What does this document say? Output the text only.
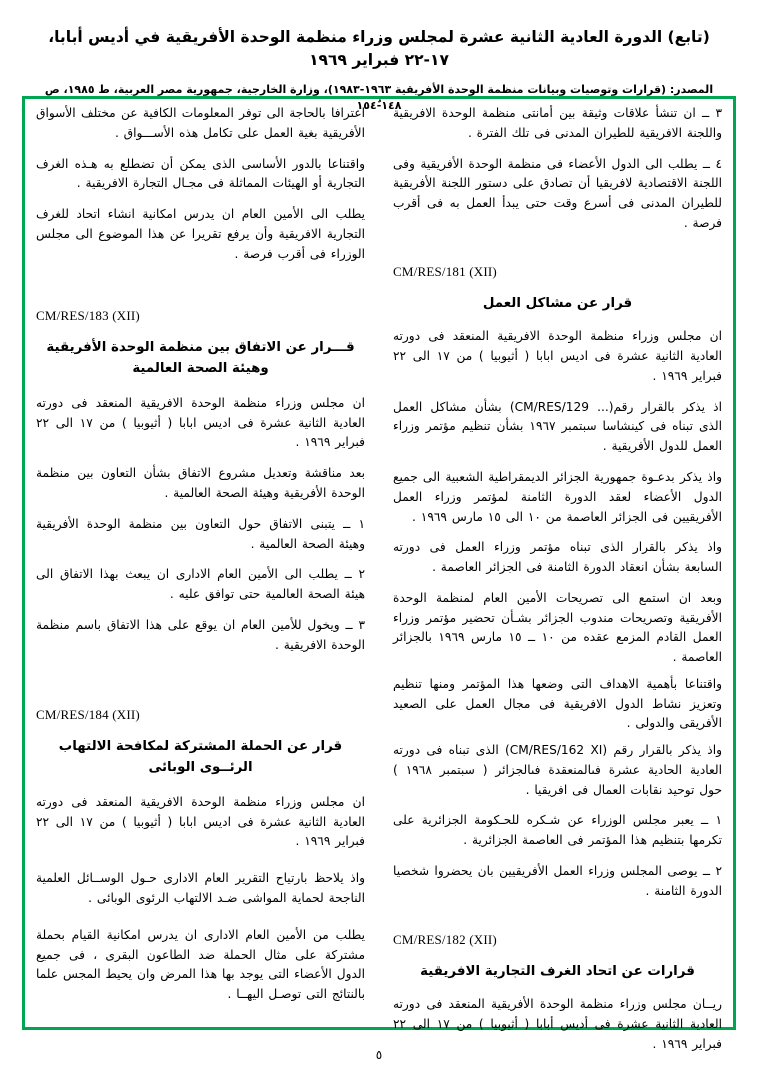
(تابع) الدورة العادية الثانية عشرة لمجلس وزراء منظمة الوحدة الأفريقية في أديس أبابا، ١٧-٢٢ فبراير ١٩٦٩
المصدر: (قرارات وتوصيات وبيانات منظمة الوحدة الأفريقية ١٩٦٣-١٩٨٣)، وزارة الخارجية، جمهورية مصر العربية، ط ١٩٨٥، ص ١٤٨-١٥٤ٌ
٣ ــ ان تنشأ علاقات وثيقة بين أمانتى منظمة الوحدة الافريقية واللجنة الافريقية للطيران المدنى فى تلك الفترة .
٤ ــ يطلب الى الدول الأعضاء فى منظمة الوحدة الأفريقية وفى اللجنة الاقتصادية لافريقيا أن تصادق على دستور اللجنة الأفريقية للطيران المدنى فى أسرع وقت حتى يبدأ العمل به فى أقرب فرصة .
CM/RES/181 (XII)
قرار عن مشاكل العمل
ان مجلس وزراء منظمة الوحدة الافريقية المنعقد فى دورته العادية الثانية عشرة فى اديس ابابا ( أثيوبيا ) من ١٧ الى ٢٢ فبراير ١٩٦٩ .
اذ يذكر بالقرار رقم(... CM/RES/129) بشأن مشاكل العمل الذى تبناه فى كينشاسا سبتمبر ١٩٦٧ بشأن تنظيم مؤتمر وزراء العمل للدول الأفريقية .
واذ يذكر بدعـوة جمهورية الجزائر الديمقراطية الشعبية الى جميع الدول الأعضاء لعقد الدورة الثامنة لمؤتمر وزراء العمل الأفريقيين فى الجزائر العاصمة من ١٠ الى ١٥ مارس ١٩٦٩ .
واذ يذكر بالقرار الذى تبناه مؤتمر وزراء العمل فى دورته السابعة بشأن انعقاد الدورة الثامنة فى الجزائر العاصمة .
وبعد ان استمع الى تصريحات الأمين العام لمنظمة الوحدة الأفريقية وتصريحات مندوب الجزائر بشـأن تحضير مؤتمر وزراء العمل القادم المزمع عقده من ١٠ ــ ١٥ مارس ١٩٦٩ بالجزائر العاصمة .
واقتناعا بأهمية الاهداف التى وضعها هذا المؤتمر ومنها تنظيم وتعزيز نشاط الدول الافريقية فى مجال العمل على الصعيد الأفريقى والدولى .
واذ يذكر بالقرار رقم (CM/RES/162 XI) الذى تبناه فى دورته العادية الحادية عشرة فىالمنعقدة فىالجزائر ( سبتمبر ١٩٦٨ ) حول توحيد نقابات العمال فى افريقيا .
١ ــ يعبر مجلس الوزراء عن شـكره للحـكومة الجزائرية على تكرمها بتنظيم هذا المؤتمر فى العاصمة الجزائرية .
٢ ــ يوصى المجلس وزراء العمل الأفريقيين بان يحضروا شخصيا الدورة الثامنة .
CM/RES/182 (XII)
قرارات عن اتحاد الغرف التجارية الافريقية
ريــان مجلس وزراء منظمة الوحدة الأفريقية المنعقد فى دورته العادية الثانية عشرة فى أديس أبابا ( أثيوبيا ) من ١٧ الى ٢٢ فبراير ١٩٦٩ .
اعترافا بالحاجة الى توفر المعلومات الكافية عن مختلف الأسواق الأفريقية بغية العمل على تكامل هذه الأســـواق .
واقتناعا بالدور الأساسى الذى يمكن أن تضطلع به هـذه الغرف التجارية أو الهيئات المماثلة فى مجـال التجارة الافريقية .
يطلب الى الأمين العام ان يدرس امكانية انشاء اتحاد للغرف التجارية الافريقية وأن يرفع تقريرا عن هذا الموضوع الى مجلس الوزراء فى أقرب فرصة .
CM/RES/183 (XII)
قـــرار عن الاتفاق بين منظمة الوحدة الأفريقية وهيئة الصحة العالمية
ان مجلس وزراء منظمة الوحدة الافريقية المنعقد فى دورته العادية الثانية عشرة فى اديس ابابا ( أثيوبيا ) من ١٧ الى ٢٢ فبراير ١٩٦٩ .
بعد مناقشة وتعديل مشروع الاتفاق بشأن التعاون بين منظمة الوحدة الأفريقية وهيئة الصحة العالمية .
١ ــ يتبنى الاتفاق حول التعاون بين منظمة الوحدة الأفريقية وهيئة الصحة العالمية .
٢ ــ يطلب الى الأمين العام الادارى ان يبعث بهذا الاتفاق الى هيئة الصحة العالمية حتى توافق عليه .
٣ ــ ويخول للأمين العام ان يوقع على هذا الاتفاق باسم منظمة الوحدة الافريقية .
CM/RES/184 (XII)
قرار عن الحملة المشتركة لمكافحة الالتهاب الرئــوى الوبائى
ان مجلس وزراء منظمة الوحدة الافريقية المنعقد فى دورته العادية الثانية عشرة فى اديس ابابا ( أثيوبيا ) من ١٧ الى ٢٢ فبراير ١٩٦٩ .
واذ يلاحظ بارتياح التقرير العام الادارى حـول الوســائل العلمية الناجحة لحماية المواشى ضـد الالتهاب الرئوى الوبائى .
يطلب من الأمين العام الادارى ان يدرس امكانية القيام بحملة مشتركة على مثال الحملة ضد الطاعون البقرى ، فى جميع الدول الأعضاء التى يوجد بها هذا المرض وان يحيط المجس علما بالنتائج التى توصـل اليهــا .
٥
